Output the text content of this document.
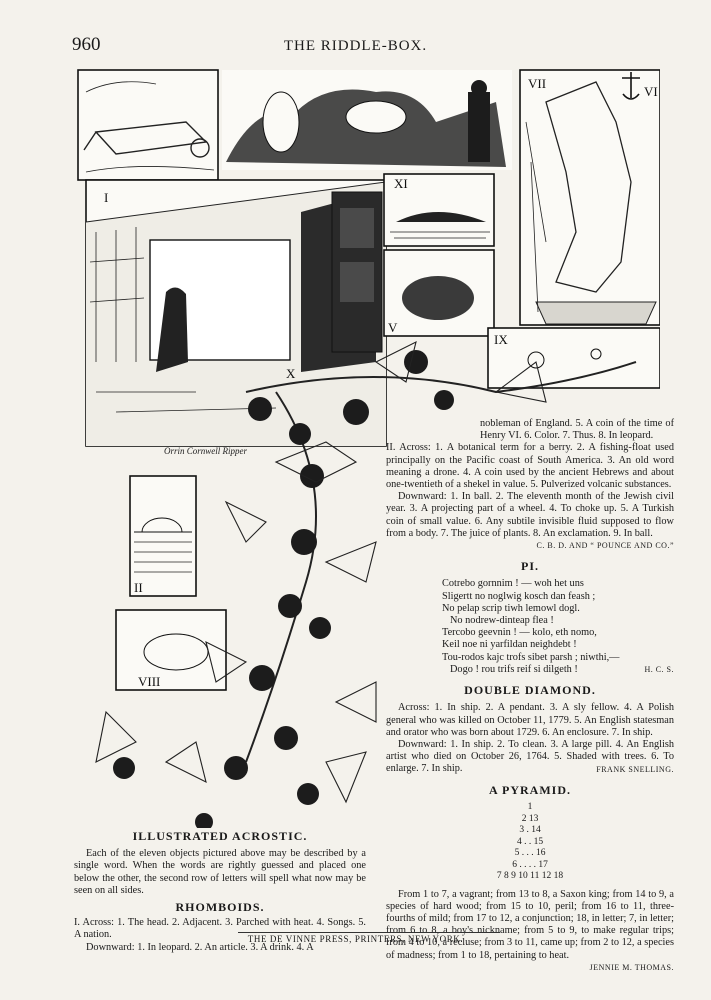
960	THE RIDDLE-BOX.
VII
VI
I
X
Orrin Cornwell Ripper
XI
V
IX
II
VIII

nobleman of England. 5. A coin of the time of Henry VI. 6. Color. 7. Thus. 8. In leopard.

II. Across: 1. A botanical term for a berry. 2. A fishing-float used principally on the Pacific coast of South America. 3. An old word meaning a drone. 4. A coin used by the ancient Hebrews and about one-twentieth of a shekel in value. 5. Pulverized volcanic substances.

Downward: 1. In ball. 2. The eleventh month of the Jewish civil year. 3. A projecting part of a wheel. 4. To choke up. 5. A Turkish coin of small value. 6. Any subtile invisible fluid supposed to flow from a body. 7. The juice of plants. 8. An exclamation. 9. In ball.

C. B. D. AND “ POUNCE AND CO.”
PI.
Cotrebo gornnim ! — woh het uns
Sligertt no noglwig kosch dan feash ;
No pelap scrip tiwh lemowl dogl.
No nodrew-dinteap flea !
Tercobo geevnin ! — kolo, eth nomo,
Keil noe ni yarfildan neighdebt !
Tou-rodos kajc trofs sibet parsh ; niwthi,—
Dogo ! rou trifs reif si dilgeth !	H. C. S.
DOUBLE DIAMOND.

Across: 1. In ship. 2. A pendant. 3. A sly fellow. 4. A Polish general who was killed on October 11, 1779. 5. An English statesman and orator who was born about 1729. 6. An enclosure. 7. In ship.

Downward: 1. In ship. 2. To clean. 3. A large pill. 4. An English artist who died on October 26, 1764. 5. Shaded with trees. 6. To enlarge. 7. In ship.	FRANK SNELLING.
A PYRAMID.
1
2 13
3 . 14
4 . . 15
5 . . . 16
6 . . . . 17
7 8 9 10 11 12 18

From 1 to 7, a vagrant; from 13 to 8, a Saxon king; from 14 to 9, a species of hard wood; from 15 to 10, peril; from 16 to 11, three-fourths of mild; from 17 to 12, a conjunction; 18, in letter; 7, in letter; from 6 to 8, a boy's nickname; from 5 to 9, to make regular trips; from 4 to 10, a recluse; from 3 to 11, came up; from 2 to 12, a species of madness; from 1 to 18, pertaining to heat.

JENNIE M. THOMAS.
ILLUSTRATED ACROSTIC.

Each of the eleven objects pictured above may be described by a single word. When the words are rightly guessed and placed one below the other, the second row of letters will spell what now may be seen on all sides.

RHOMBOIDS.

I. Across: 1. The head. 2. Adjacent. 3. Parched with heat. 4. Songs. 5. A nation.

Downward: 1. In leopard. 2. An article. 3. A drink. 4. A

THE DE VINNE PRESS, PRINTERS, NEW YORK.
